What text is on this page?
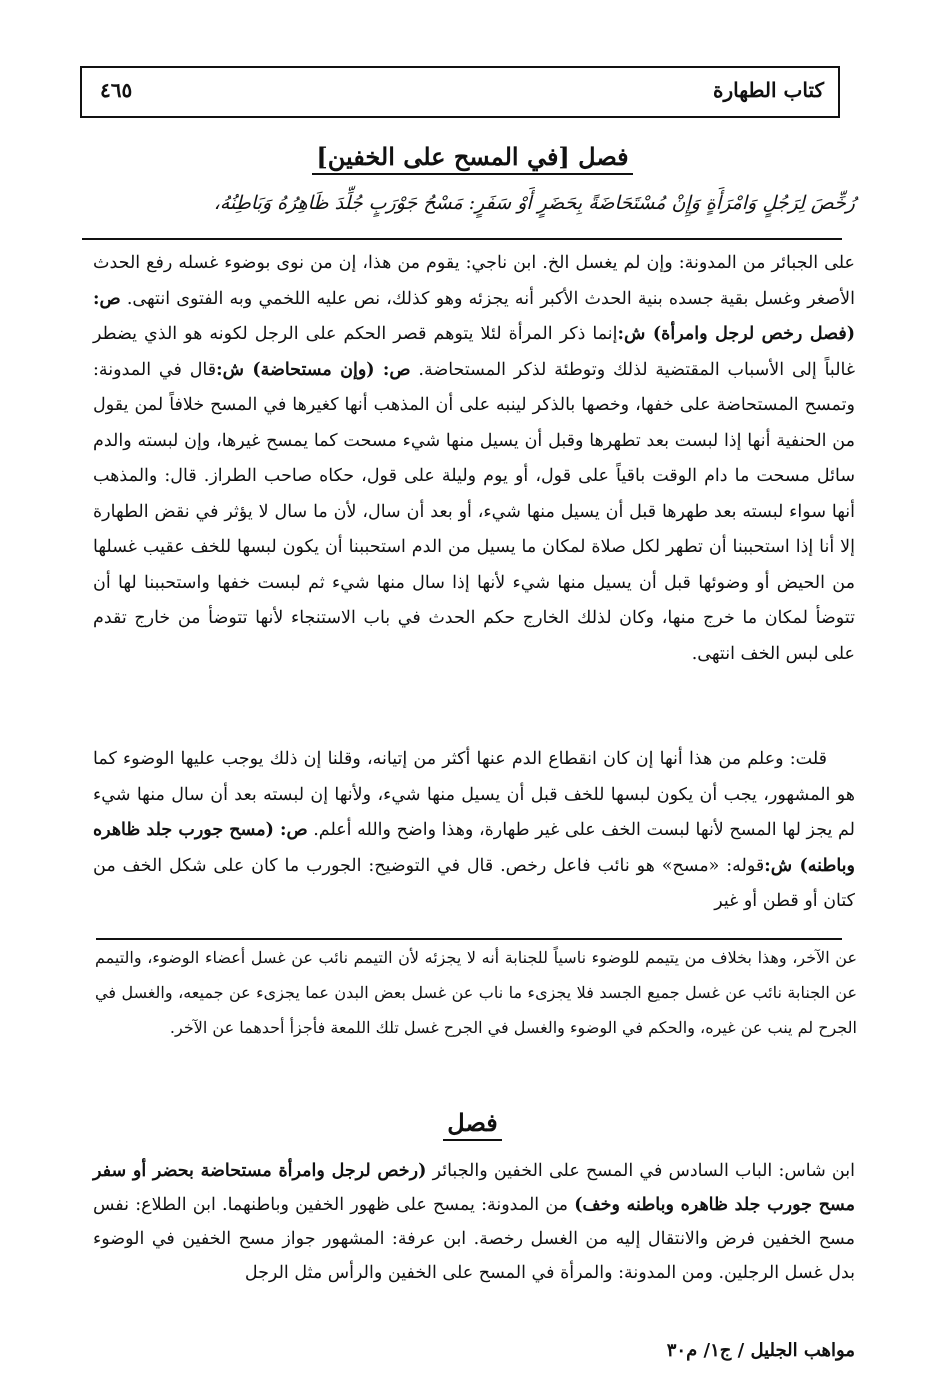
كتاب الطهارة
٤٦٥
فصل [في المسح على الخفين]
رُخِّصَ لِرَجُلٍ وَامْرَأَةٍ وَإِنْ مُسْتَحَاضَةً بِحَضَرٍ أَوْ سَفَرٍ: مَسْحُ جَوْرَبٍ جُلِّدَ ظَاهِرُهُ وَبَاطِنُهُ،
على الجبائر من المدونة: وإن لم يغسل الخ. ابن ناجي: يقوم من هذا، إن من نوى بوضوء غسله رفع الحدث الأصغر وغسل بقية جسده بنية الحدث الأكبر أنه يجزئه وهو كذلك، نص عليه اللخمي وبه الفتوى انتهى. ص: (فصل رخص لرجل وامرأة) ش:إنما ذكر المرأة لئلا يتوهم قصر الحكم على الرجل لكونه هو الذي يضطر غالباً إلى الأسباب المقتضية لذلك وتوطئة لذكر المستحاضة. ص: (وإن مستحاضة) ش:قال في المدونة: وتمسح المستحاضة على خفها، وخصها بالذكر لينبه على أن المذهب أنها كغيرها في المسح خلافاً لمن يقول من الحنفية أنها إذا لبست بعد تطهرها وقبل أن يسيل منها شيء مسحت كما يمسح غيرها، وإن لبسته والدم سائل مسحت ما دام الوقت باقياً على قول، أو يوم وليلة على قول، حكاه صاحب الطراز. قال: والمذهب أنها سواء لبسته بعد طهرها قبل أن يسيل منها شيء، أو بعد أن سال، لأن ما سال لا يؤثر في نقض الطهارة إلا أنا إذا استحببنا أن تطهر لكل صلاة لمكان ما يسيل من الدم استحببنا أن يكون لبسها للخف عقيب غسلها من الحيض أو وضوئها قبل أن يسيل منها شيء لأنها إذا سال منها شيء ثم لبست خفها واستحببنا لها أن تتوضأ لمكان ما خرج منها، وكان لذلك الخارج حكم الحدث في باب الاستنجاء لأنها تتوضأ من خارج تقدم على لبس الخف انتهى.
قلت: وعلم من هذا أنها إن كان انقطاع الدم عنها أكثر من إتيانه، وقلنا إن ذلك يوجب عليها الوضوء كما هو المشهور، يجب أن يكون لبسها للخف قبل أن يسيل منها شيء، ولأنها إن لبسته بعد أن سال منها شيء لم يجز لها المسح لأنها لبست الخف على غير طهارة، وهذا واضح والله أعلم. ص: (مسح جورب جلد ظاهره وباطنه) ش:قوله: «مسح» هو نائب فاعل رخص. قال في التوضيح: الجورب ما كان على شكل الخف من كتان أو قطن أو غير
عن الآخر، وهذا بخلاف من يتيمم للوضوء ناسياً للجنابة أنه لا يجزئه لأن التيمم نائب عن غسل أعضاء الوضوء، والتيمم عن الجنابة نائب عن غسل جميع الجسد فلا يجزىء ما ناب عن غسل بعض البدن عما يجزىء عن جميعه، والغسل في الجرح لم ينب عن غيره، والحكم في الوضوء والغسل في الجرح غسل تلك اللمعة فأجزأ أحدهما عن الآخر.
فصل
ابن شاس: الباب السادس في المسح على الخفين والجبائر (رخص لرجل وامرأة مستحاضة بحضر أو سفر مسح جورب جلد ظاهره وباطنه وخف) من المدونة: يمسح على ظهور الخفين وباطنهما. ابن الطلاع: نفس مسح الخفين فرض والانتقال إليه من الغسل رخصة. ابن عرفة: المشهور جواز مسح الخفين في الوضوء بدل غسل الرجلين. ومن المدونة: والمرأة في المسح على الخفين والرأس مثل الرجل
مواهب الجليل / ج١/ م٣٠
